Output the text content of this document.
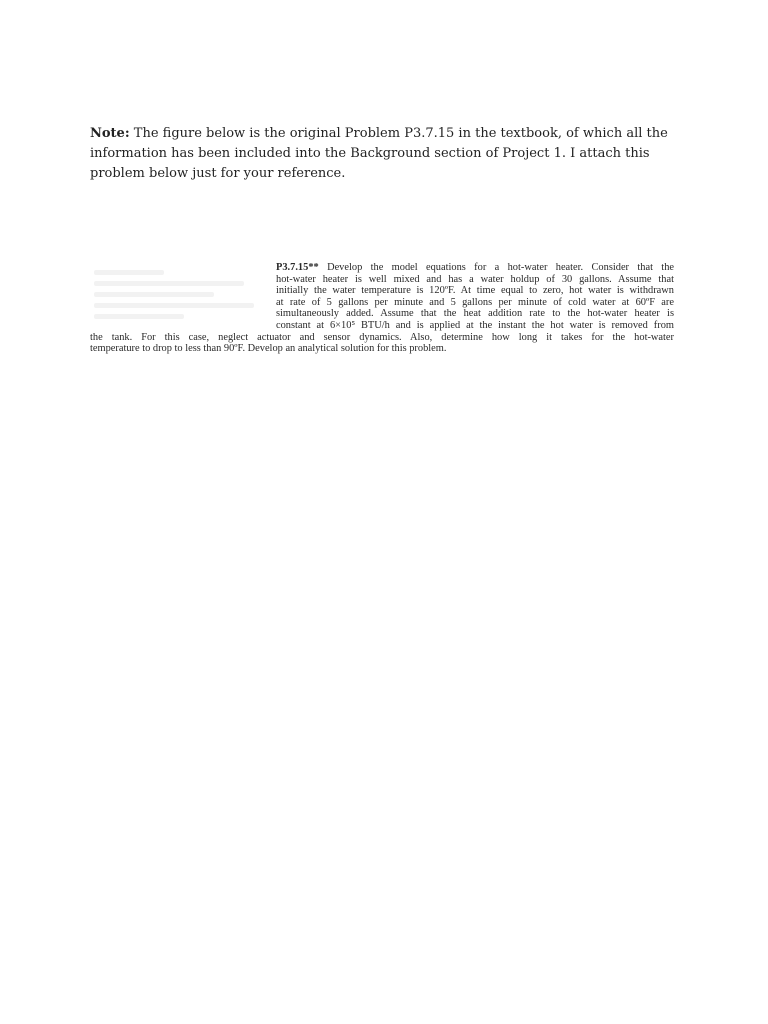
Note: The figure below is the original Problem P3.7.15 in the textbook, of which all the information has been included into the Background section of Project 1. I attach this problem below just for your reference.

P3.7.15** Develop the model equations for a hot-water heater. Consider that the
hot-water heater is well mixed and has a water holdup of 30 gallons. Assume that
initially the water temperature is 120ºF. At time equal to zero, hot water is withdrawn
at rate of 5 gallons per minute and 5 gallons per minute of cold water at 60ºF are
simultaneously added. Assume that the heat addition rate to the hot-water heater is
constant at 6×10⁵ BTU/h and is applied at the instant the hot water is removed from
the tank. For this case, neglect actuator and sensor dynamics. Also, determine how long it takes for the hot-water
temperature to drop to less than 90ºF. Develop an analytical solution for this problem.
